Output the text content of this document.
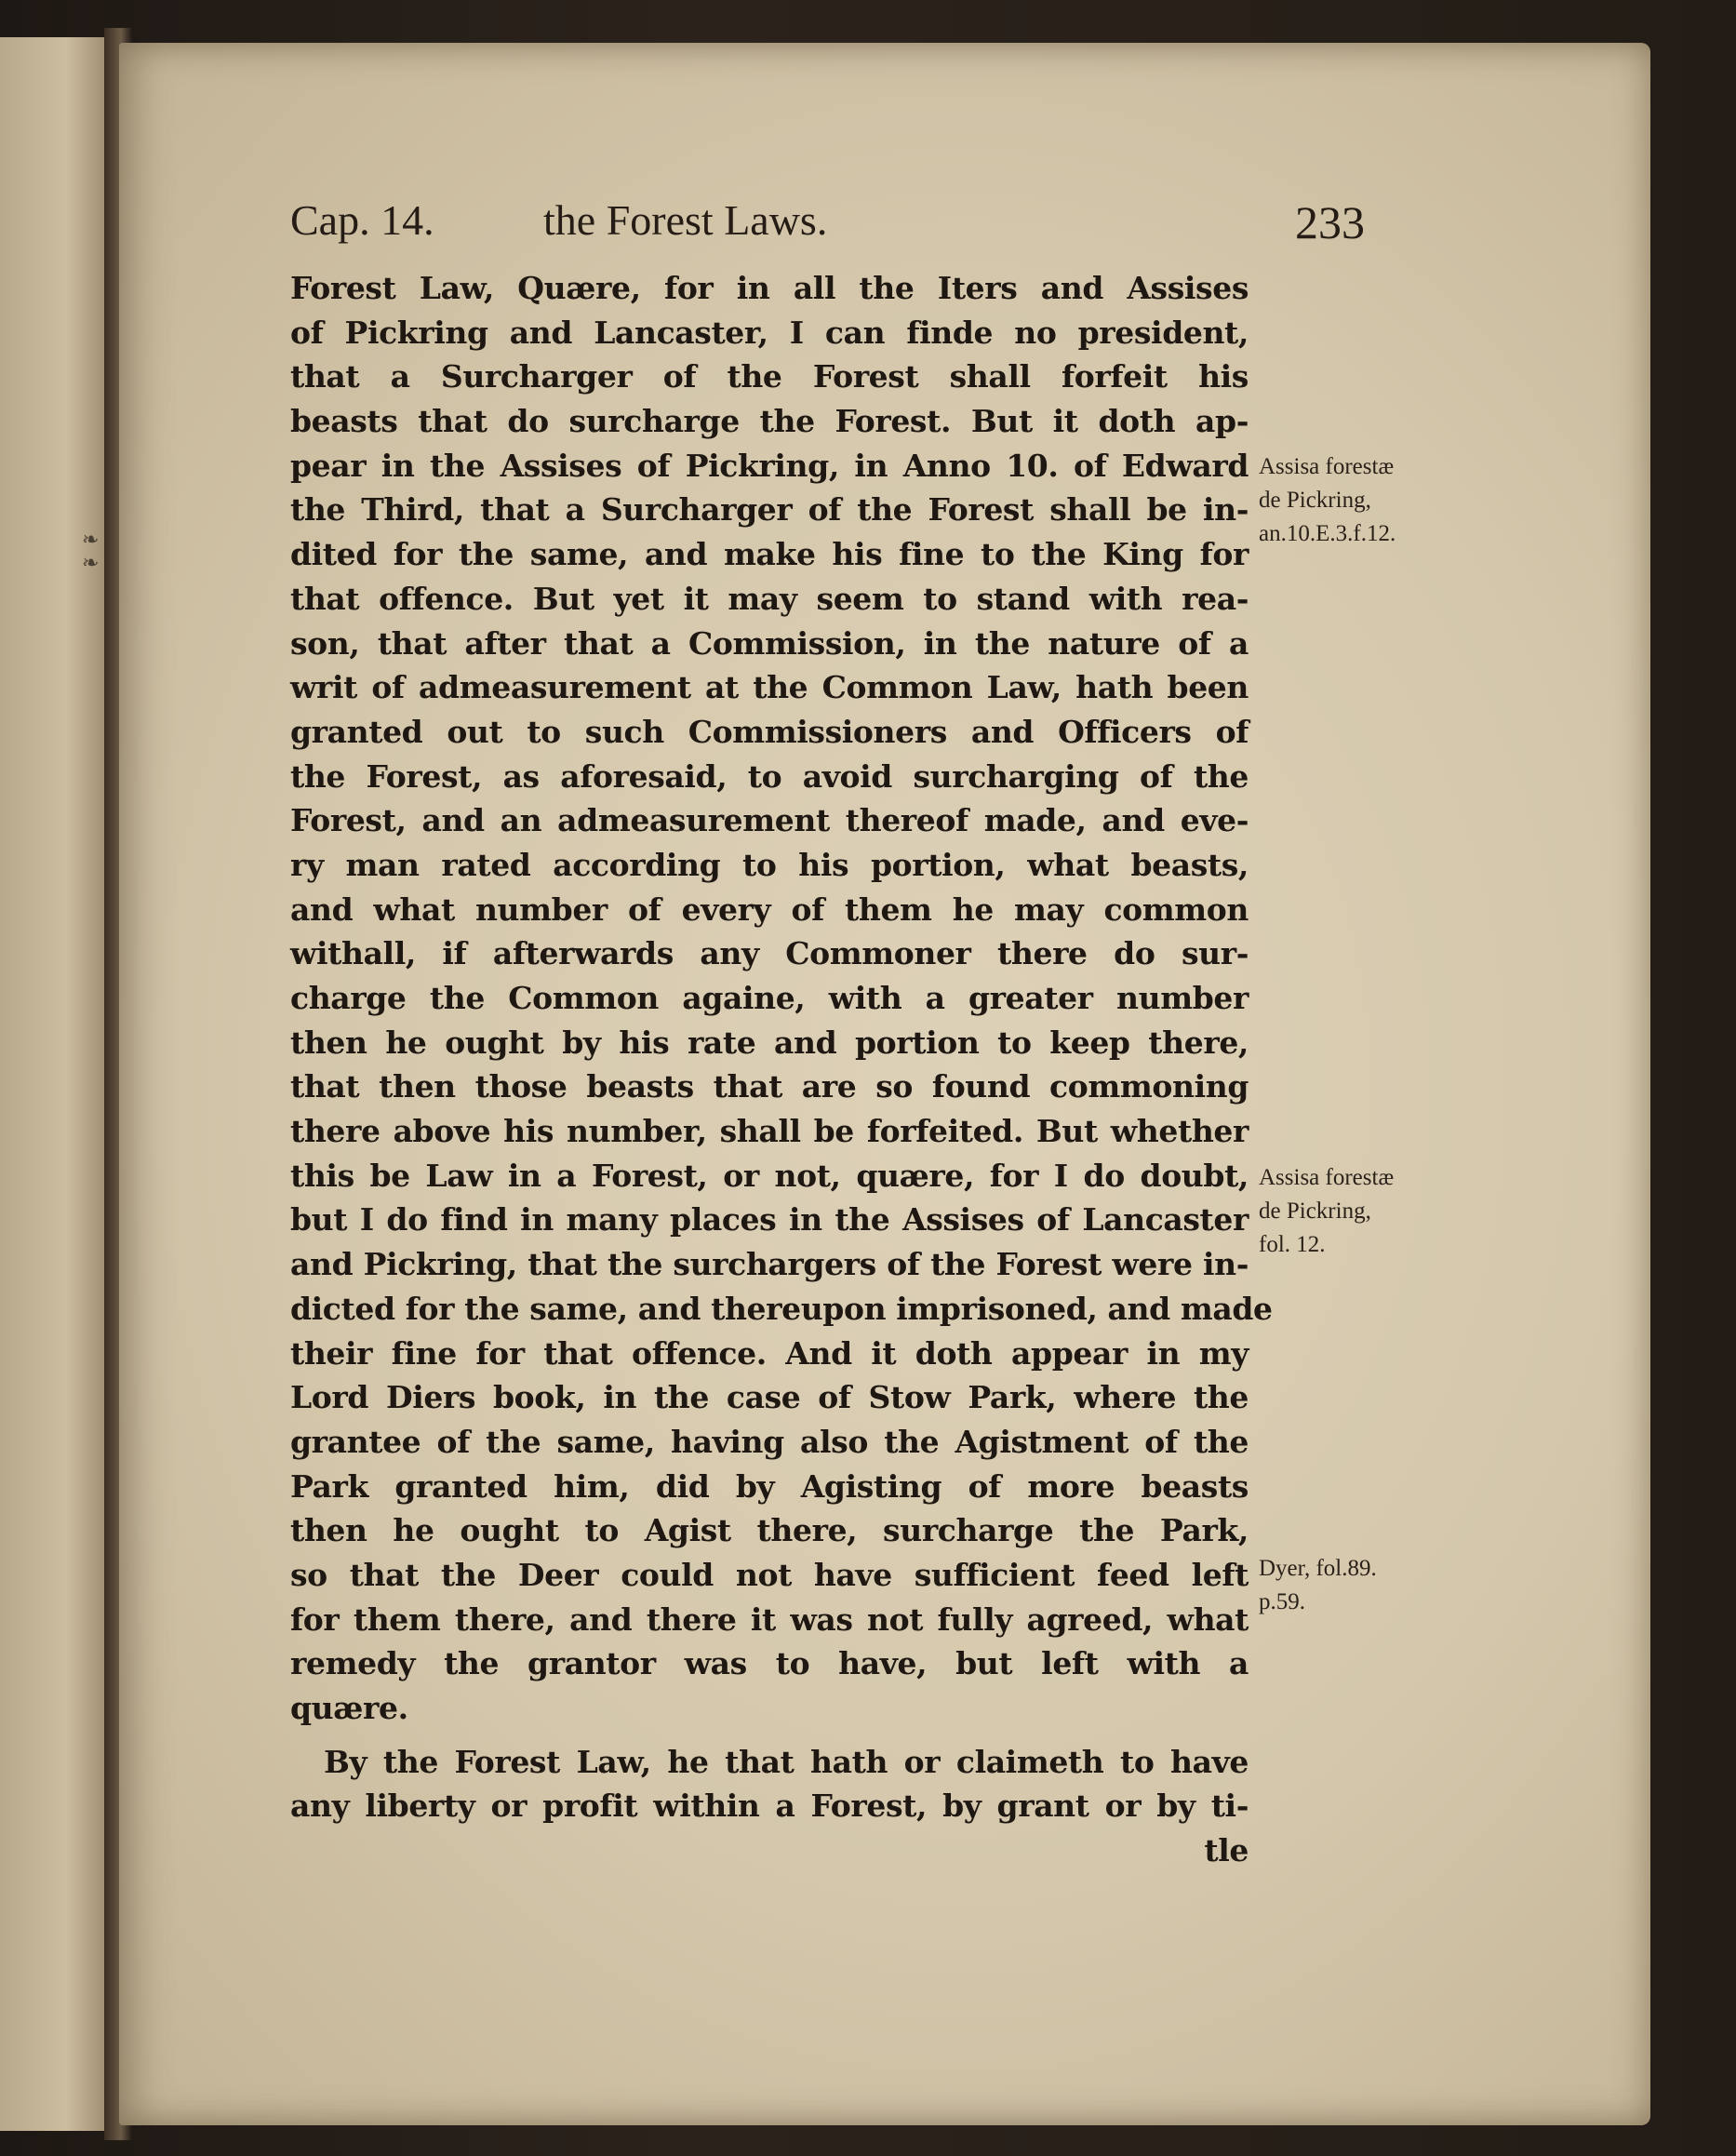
❧ ❧
Cap. 14.	the Forest Laws.	233
Forest Law, Quære, for in all the Iters and Assises
of Pickring and Lancaster, I can finde no president,
that a Surcharger of the Forest shall forfeit his
beasts that do surcharge the Forest. But it doth ap-
pear in the Assises of Pickring, in Anno 10. of Edward
the Third, that a Surcharger of the Forest shall be in-
dited for the same, and make his fine to the King for
that offence. But yet it may seem to stand with rea-
son, that after that a Commission, in the nature of a
writ of admeasurement at the Common Law, hath been
granted out to such Commissioners and Officers of
the Forest, as aforesaid, to avoid surcharging of the
Forest, and an admeasurement thereof made, and eve-
ry man rated according to his portion, what beasts,
and what number of every of them he may common
withall, if afterwards any Commoner there do sur-
charge the Common againe, with a greater number
then he ought by his rate and portion to keep there,
that then those beasts that are so found commoning
there above his number, shall be forfeited. But whether
this be Law in a Forest, or not, quære, for I do doubt,
but I do find in many places in the Assises of Lancaster
and Pickring, that the surchargers of the Forest were in-
dicted for the same, and thereupon imprisoned, and made
their fine for that offence. And it doth appear in my
Lord Diers book, in the case of Stow Park, where the
grantee of the same, having also the Agistment of the
Park granted him, did by Agisting of more beasts
then he ought to Agist there, surcharge the Park,
so that the Deer could not have sufficient feed left
for them there, and there it was not fully agreed, what
remedy the grantor was to have, but left with a
quære.
By the Forest Law, he that hath or claimeth to have
any liberty or profit within a Forest, by grant or by ti-
tle
Assisa forestæ
de Pickring,
an.10.E.3.f.12.
Assisa forestæ
de Pickring,
fol. 12.
Dyer, fol.89.
p.59.
